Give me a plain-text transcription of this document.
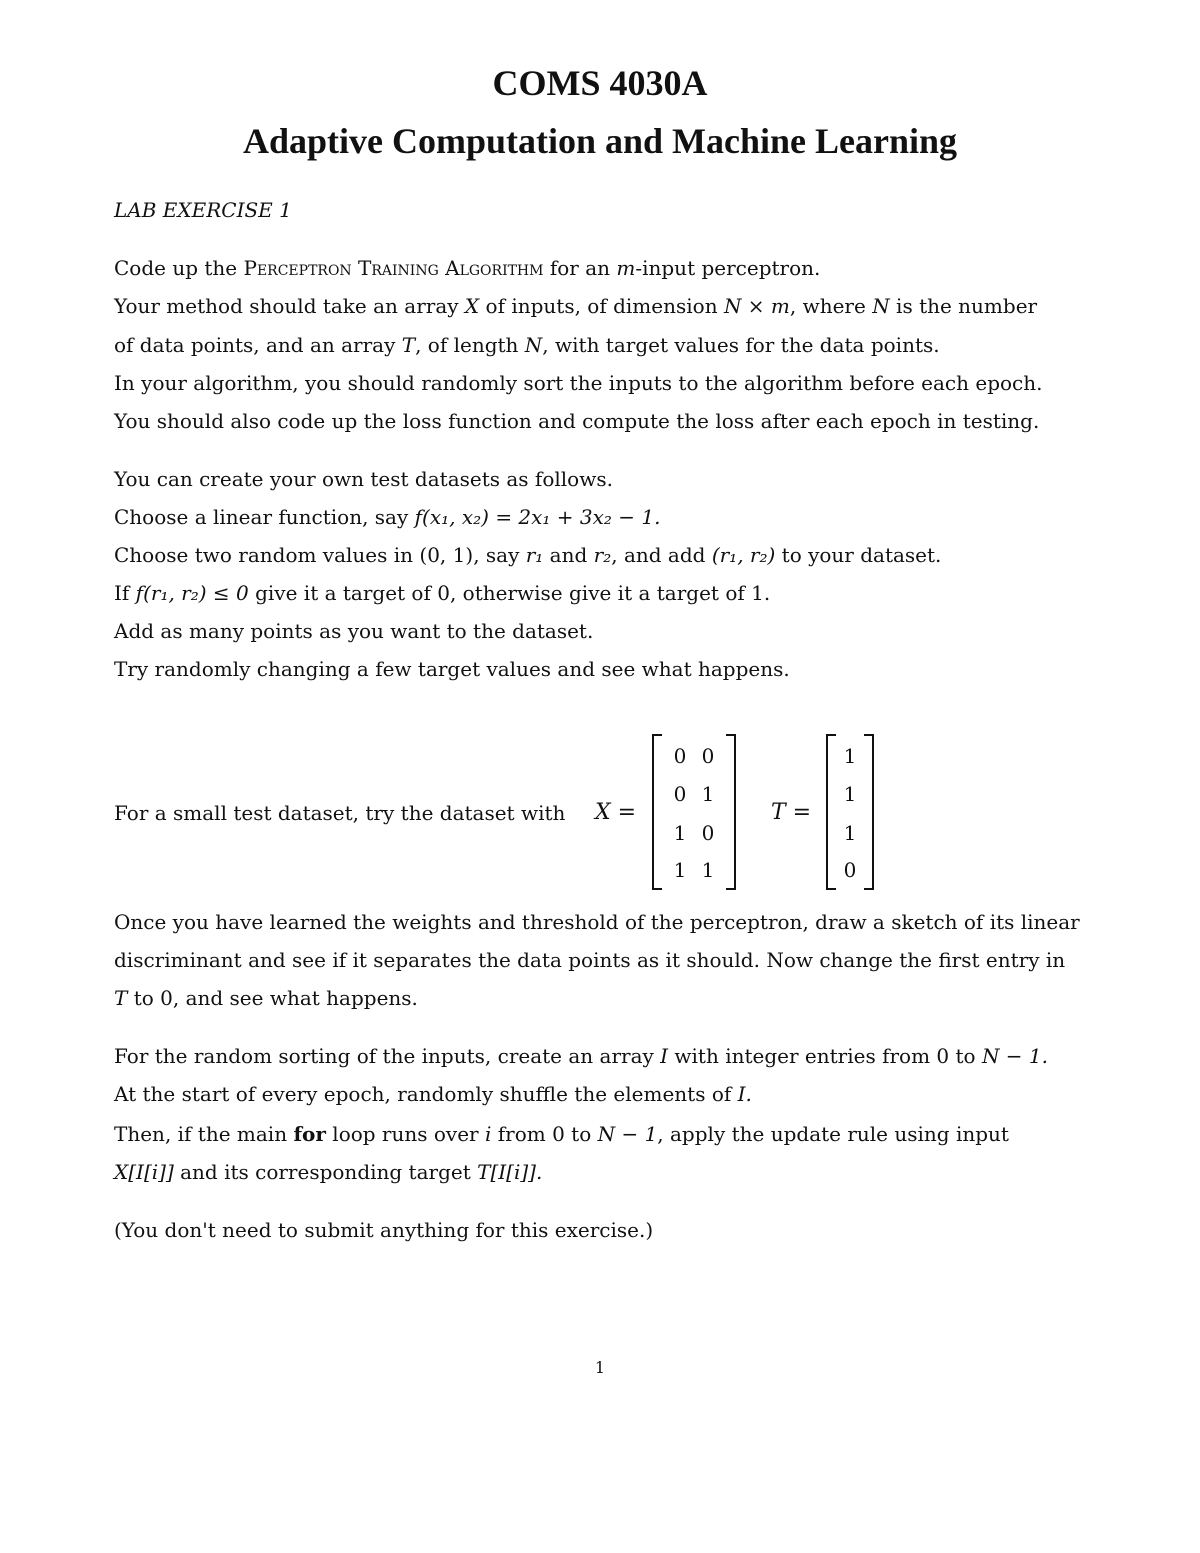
COMS 4030A
Adaptive Computation and Machine Learning
LAB EXERCISE 1
Code up the Perceptron Training Algorithm for an m-input perceptron.
Your method should take an array X of inputs, of dimension N × m, where N is the number
of data points, and an array T, of length N, with target values for the data points.
In your algorithm, you should randomly sort the inputs to the algorithm before each epoch.
You should also code up the loss function and compute the loss after each epoch in testing.
You can create your own test datasets as follows.
Choose a linear function, say f(x₁, x₂) = 2x₁ + 3x₂ − 1.
Choose two random values in (0, 1), say r₁ and r₂, and add (r₁, r₂) to your dataset.
If f(r₁, r₂) ≤ 0 give it a target of 0, otherwise give it a target of 1.
Add as many points as you want to the dataset.
Try randomly changing a few target values and see what happens.
For a small test dataset, try the dataset with X =
0 0
0 1
1 0
1 1
T =
1
1
1
0
Once you have learned the weights and threshold of the perceptron, draw a sketch of its linear
discriminant and see if it separates the data points as it should. Now change the first entry in
T to 0, and see what happens.
For the random sorting of the inputs, create an array I with integer entries from 0 to N − 1.
At the start of every epoch, randomly shuffle the elements of I.
Then, if the main for loop runs over i from 0 to N − 1, apply the update rule using input
X[I[i]] and its corresponding target T[I[i]].
(You don't need to submit anything for this exercise.)
1
